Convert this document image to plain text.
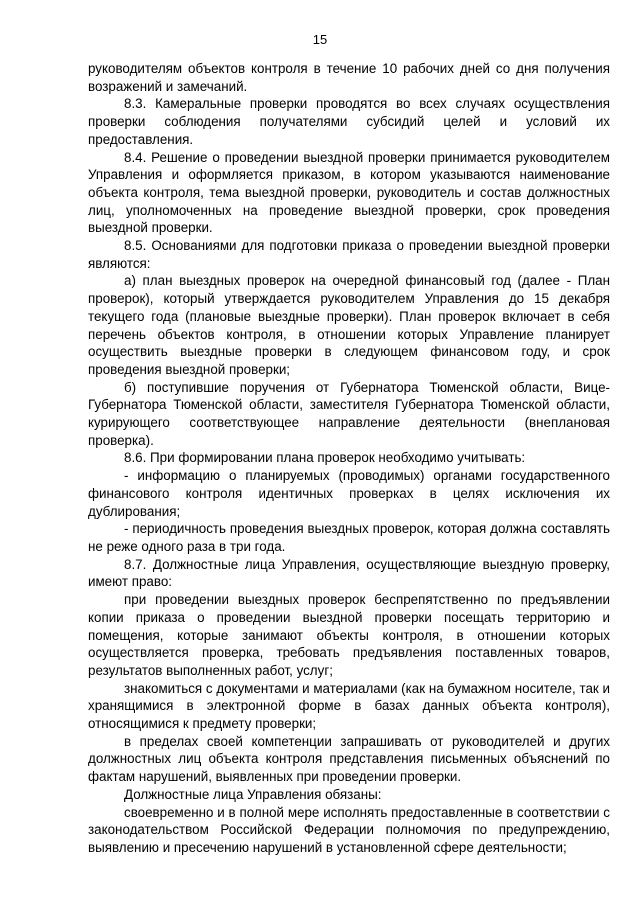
15

руководителям объектов контроля в течение 10 рабочих дней со дня получения возражений и замечаний.

8.3. Камеральные проверки проводятся во всех случаях осуществления проверки соблюдения получателями субсидий целей и условий их предоставления.

8.4. Решение о проведении выездной проверки принимается руководителем Управления и оформляется приказом, в котором указываются наименование объекта контроля, тема выездной проверки, руководитель и состав должностных лиц, уполномоченных на проведение выездной проверки, срок проведения выездной проверки.

8.5. Основаниями для подготовки приказа о проведении выездной проверки являются:

а) план выездных проверок на очередной финансовый год (далее - План проверок), который утверждается руководителем Управления до 15 декабря текущего года (плановые выездные проверки). План проверок включает в себя перечень объектов контроля, в отношении которых Управление планирует осуществить выездные проверки в следующем финансовом году, и срок проведения выездной проверки;

б) поступившие поручения от Губернатора Тюменской области, Вице-Губернатора Тюменской области, заместителя Губернатора Тюменской области, курирующего соответствующее направление деятельности (внеплановая проверка).

8.6. При формировании плана проверок необходимо учитывать:

- информацию о планируемых (проводимых) органами государственного финансового контроля идентичных проверках в целях исключения их дублирования;

- периодичность проведения выездных проверок, которая должна составлять не реже одного раза в три года.

8.7. Должностные лица Управления, осуществляющие выездную проверку, имеют право:

при проведении выездных проверок беспрепятственно по предъявлении копии приказа о проведении выездной проверки посещать территорию и помещения, которые занимают объекты контроля, в отношении которых осуществляется проверка, требовать предъявления поставленных товаров, результатов выполненных работ, услуг;

знакомиться с документами и материалами (как на бумажном носителе, так и хранящимися в электронной форме в базах данных объекта контроля), относящимися к предмету проверки;

в пределах своей компетенции запрашивать от руководителей и других должностных лиц объекта контроля представления письменных объяснений по фактам нарушений, выявленных при проведении проверки.

Должностные лица Управления обязаны:

своевременно и в полной мере исполнять предоставленные в соответствии с законодательством Российской Федерации полномочия по предупреждению, выявлению и пресечению нарушений в установленной сфере деятельности;
